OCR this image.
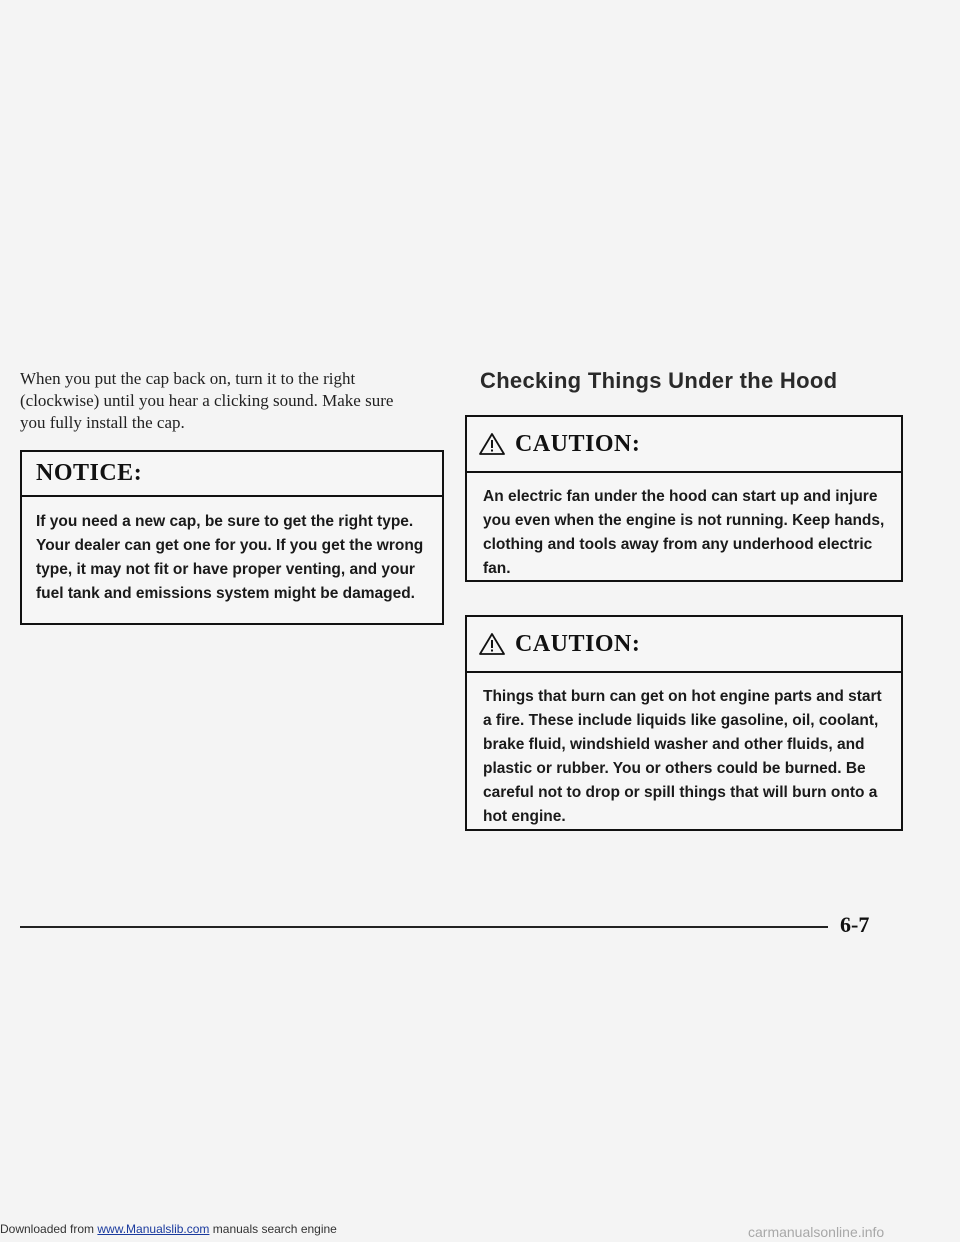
When you put the cap back on, turn it to the right (clockwise) until you hear a clicking sound. Make sure you fully install the cap.

NOTICE:

If you need a new cap, be sure to get the right type. Your dealer can get one for you. If you get the wrong type, it may not fit or have proper venting, and your fuel tank and emissions system might be damaged.

Checking Things Under the Hood
CAUTION:

An electric fan under the hood can start up and injure you even when the engine is not running. Keep hands, clothing and tools away from any underhood electric fan.

CAUTION:

Things that burn can get on hot engine parts and start a fire. These include liquids like gasoline, oil, coolant, brake fluid, windshield washer and other fluids, and plastic or rubber. You or others could be burned. Be careful not to drop or spill things that will burn onto a hot engine.

6-7
Downloaded from www.Manualslib.com manuals search engine	carmanualsonline.info
